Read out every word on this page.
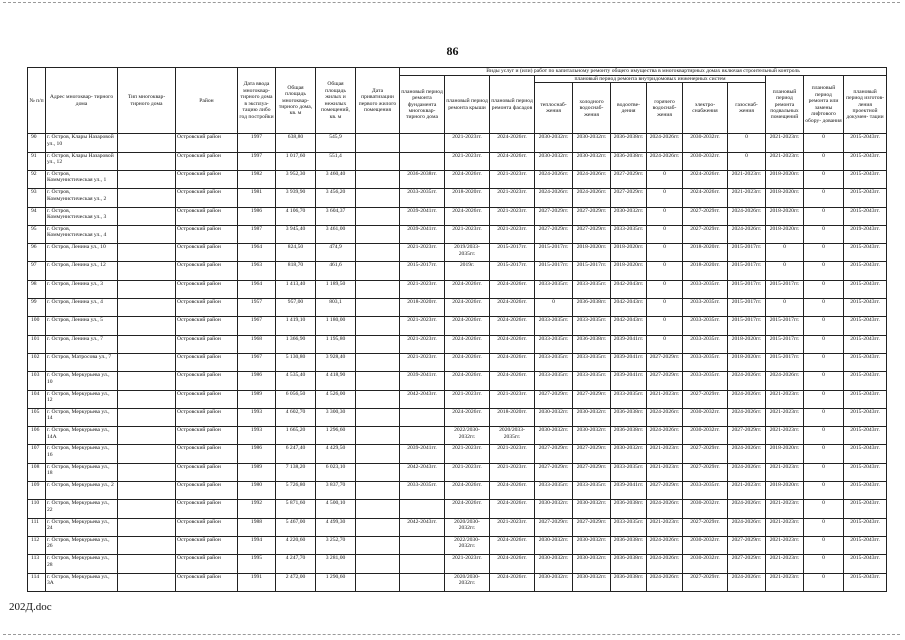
86
№ п/п	Адрес многоквар- тирного дома	Тип многоквар- тирного дома	Район	Дата ввода многоквар- тирного дома в эксплуа- тацию либо год постройки	Общая площадь многоквар- тирного дома, кв. м	Общая площадь жилых и нежилых помещений, кв. м	Дата приватизации первого жилого помещения	Виды услуг и (или) работ по капитальному ремонту общего имущества в многоквартирных домах включая строительный контроль											
								плановый период ремонта фундамента многоквар- тирного дома	плановый период ремонта крыши	плановый период ремонта фасадов	плановый период ремонта внутридомовых инженерных систем						плановый период ремонта подвальных помещений	плановый период ремонта или замены лифтового обору- дования	плановый период изготов- ления проектной докумен- тации
											теплоснаб- жения	холодного водоснаб- жения	водоотве- дения	горячего водоснаб- жения	электро- снабжения	газоснаб- жения			
90	г. Остров, Клары Назаровой ул., 10		Островский район	1997	638,80	545,9			2021-2023гг.	2024-2026гг.	2030-2032гг.	2030-2032гг.	2036-2038гг.	2024-2026гг.	2030-2032гг.	0	2021-2023гг.	0	2015-2043гг.
91	г. Остров, Клары Назаровой ул., 12		Островский район	1997	1 017,60	551,4			2021-2023гг.	2024-2026гг.	2030-2032гг.	2030-2032гг.	2036-2038гг.	2024-2026гг.	2030-2032гг.	0	2021-2023гг.	0	2015-2043гг.
92	г. Остров, Коммунистическая ул., 1		Островский район	1982	3 952,30	3 460,40		2036-2038гг.	2024-2026гг.	2021-2023гг.	2024-2026гг.	2024-2026гг.	2027-2029гг.	0	2024-2026гг.	2021-2023гг.	2018-2020гг.	0	2015-2043гг.
93	г. Остров, Коммунистическая ул., 2		Островский район	1981	3 939,90	3 456,20		2033-2035гг.	2018-2020гг.	2021-2023гг.	2024-2026гг.	2024-2026гг.	2027-2029гг.	0	2024-2026гг.	2021-2023гг.	2018-2020гг.	0	2015-2043гг.
94	г. Остров, Коммунистическая ул., 3		Островский район	1986	4 106,70	3 604,37		2039-2041гг.	2024-2026гг.	2021-2023гг.	2027-2029гг.	2027-2029гг.	2030-2032гг.	0	2027-2029гг.	2024-2026гг.	2018-2020гг.	0	2015-2043гг.
95	г. Остров, Коммунистическая ул., 4		Островский район	1987	3 945,40	3 461,00		2039-2041гг.	2021-2023гг.	2021-2023гг.	2027-2029гг.	2027-2029гг.	2033-2035гг.	0	2027-2029гг.	2024-2026гг.	2018-2020гг.	0	2019-2043гг.
96	г. Остров, Ленина ул., 10		Островский район	1964	824,50	474,9		2021-2023гг.	2019/2033-2035гг.	2015-2017гг.	2015-2017гг.	2018-2020гг.	2018-2020гг.	0	2018-2020гг.	2015-2017гг.	0	0	2015-2043гг.
97	г. Остров, Ленина ул., 12		Островский район	1963	818,70	461,6		2015-2017гг.	2019г.	2015-2017гг.	2015-2017гг.	2015-2017гг.	2018-2020гг.	0	2018-2020гг.	2015-2017гг.	0	0	2015-2043гг.
98	г. Остров, Ленина ул., 3		Островский район	1964	1 413,40	1 189,50		2021-2023гг.	2024-2026гг.	2024-2026гг.	2033-2035гг.	2033-2035гг.	2042-2043гг.	0	2033-2035гг.	2015-2017гг.	2015-2017гг.	0	2015-2043гг.
99	г. Остров, Ленина ул., 4		Островский район	1957	957,00	803,1		2018-2020гг.	2024-2026гг.	2024-2026гг.	0	2036-2038гг.	2042-2043гг.	0	2033-2035гг.	2015-2017гг.	0	0	2015-2043гг.
100	г. Остров, Ленина ул., 5		Островский район	1967	1 419,10	1 180,00		2021-2023гг.	2024-2026гг.	2024-2026гг.	2033-2035гг.	2033-2035гг.	2042-2043гг.	0	2033-2035гг.	2015-2017гг.	2015-2017гг.	0	2015-2043гг.
101	г. Остров, Ленина ул., 7		Островский район	1968	1 366,90	1 195,80		2021-2023гг.	2024-2026гг.	2024-2026гг.	2033-2035гг.	2036-2038гг.	2039-2041гг.	0	2033-2035гг.	2018-2020гг.	2015-2017гг.	0	2015-2043гг.
102	г. Остров, Матросова ул., 7		Островский район	1967	5 130,80	3 928,40		2021-2023гг.	2024-2026гг.	2024-2026гг.	2033-2035гг.	2033-2035гг.	2039-2041гг.	2027-2029гг.	2033-2035гг.	2018-2020гг.	2015-2017гг.	0	2015-2043гг.
103	г. Остров, Меркурьева ул., 10		Островский район	1986	4 535,40	4 418,90		2039-2041гг.	2024-2026гг.	2024-2026гг.	2033-2035гг.	2033-2035гг.	2039-2041гг.	2027-2029гг.	2033-2035гг.	2024-2026гг.	2024-2026гг.	0	2015-2043гг.
104	г. Остров, Меркурьева ул., 12		Островский район	1989	6 056,50	4 526,00		2042-2043гг.	2021-2023гг.	2021-2023гг.	2027-2029гг.	2027-2029гг.	2033-2035гг.	2021-2023гг.	2027-2029гг.	2024-2026гг.	2021-2023гг.	0	2015-2043гг.
105	г. Остров, Меркурьева ул., 14		Островский район	1993	4 602,70	3 300,30			2024-2026гг.	2018-2020гг.	2030-2032гг.	2030-2032гг.	2036-2038гг.	2024-2026гг.	2030-2032гг.	2024-2026гг.	2021-2023гг.	0	2015-2043гг.
106	г. Остров, Меркурьева ул., 14А		Островский район	1993	1 665,20	1 296,60			2022/2030-2032гг.	2020/2033-2035гг.	2030-2032гг.	2030-2032гг.	2036-2038гг.	2024-2026гг.	2030-2032гг.	2027-2029гг.	2021-2023гг.	0	2015-2043гг.
107	г. Остров, Меркурьева ул., 16		Островский район	1986	6 247,40	4 429,50		2039-2041гг.	2021-2023гг.	2021-2023гг.	2027-2029гг.	2027-2029гг.	2030-2032гг.	2021-2023гг.	2027-2029гг.	2024-2026гг.	2018-2020гг.	0	2015-2043гг.
108	г. Остров, Меркурьева ул., 18		Островский район	1989	7 138,20	6 023,10		2042-2043гг.	2021-2023гг.	2021-2023гг.	2027-2029гг.	2027-2029гг.	2033-2035гг.	2021-2023гг.	2027-2029гг.	2024-2026гг.	2021-2023гг.	0	2015-2043гг.
109	г. Остров, Меркурьева ул., 2		Островский район	1980	5 726,80	3 837,70		2033-2035гг.	2024-2026гг.	2024-2026гг.	2033-2035гг.	2033-2035гг.	2039-2041гг.	2027-2029гг.	2033-2035гг.	2021-2023гг.	2018-2020гг.	0	2015-2043гг.
110	г. Остров, Меркурьева ул., 22		Островский район	1992	5 871,60	4 500,10			2024-2026гг.	2024-2026гг.	2030-2032гг.	2030-2032гг.	2036-2038гг.	2024-2026гг.	2030-2032гг.	2024-2026гг.	2021-2023гг.	0	2015-2043гг.
111	г. Остров, Меркурьева ул., 24		Островский район	1988	5 467,00	4 499,30		2042-2043гг.	2020/2030-2032гг.	2021-2023гг.	2027-2029гг.	2027-2029гг.	2033-2035гг.	2021-2023гг.	2027-2029гг.	2024-2026гг.	2021-2023гг.	0	2015-2043гг.
112	г. Остров, Меркурьева ул., 26		Островский район	1994	4 220,60	3 252,70			2022/2030-2032гг.	2024-2026гг.	2030-2032гг.	2030-2032гг.	2036-2038гг.	2024-2026гг.	2030-2032гг.	2027-2029гг.	2021-2023гг.	0	2015-2043гг.
113	г. Остров, Меркурьева ул., 28		Островский район	1995	4 247,70	3 281,00			2021-2023гг.	2024-2026гг.	2030-2032гг.	2030-2032гг.	2036-2038гг.	2024-2026гг.	2030-2032гг.	2027-2029гг.	2021-2023гг.	0	2015-2043гг.
114	г. Остров, Меркурьева ул., 3А		Островский район	1991	2 472,00	1 290,60			2020/2030-2032гг.	2024-2026гг.	2030-2032гг.	2030-2032гг.	2036-2038гг.	2024-2026гг.	2027-2029гг.	2024-2026гг.	2021-2023гг.	0	2015-2043гг.
202Д.doc
